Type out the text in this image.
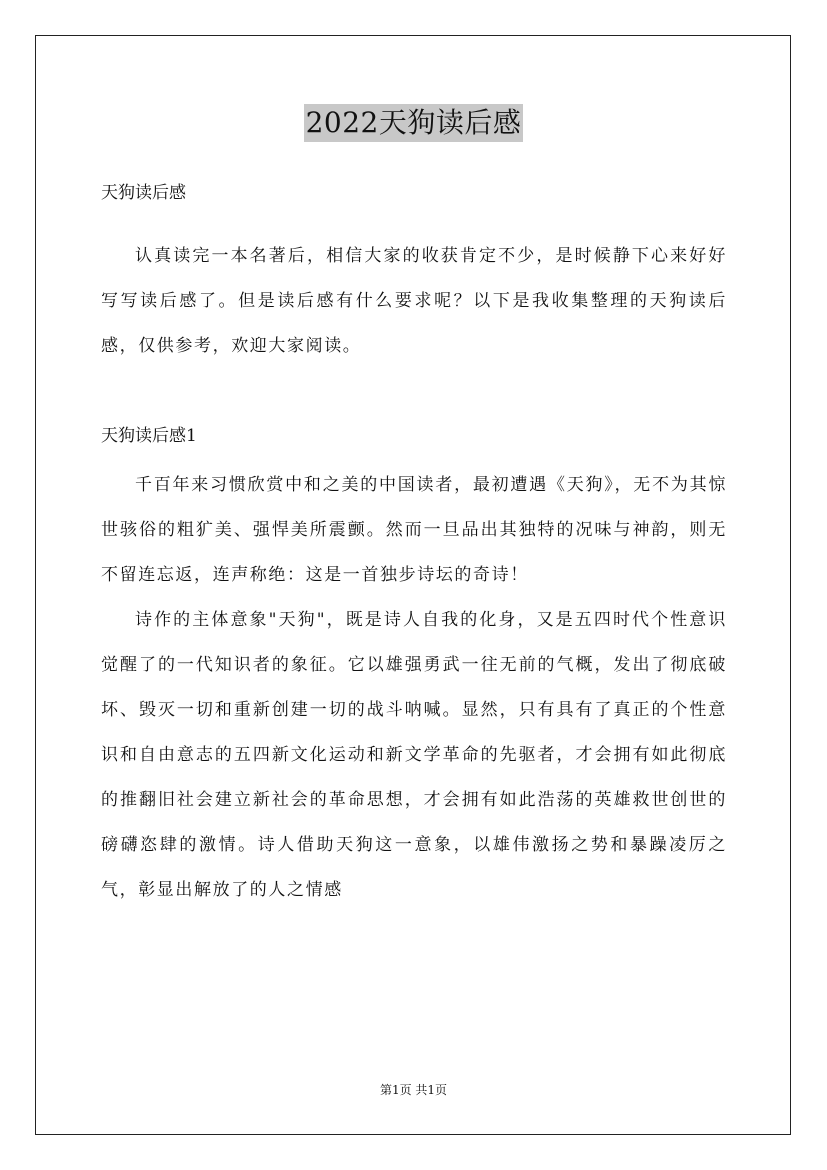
2022天狗读后感

天狗读后感

认真读完一本名著后，相信大家的收获肯定不少，是时候静下心来好好写写读后感了。但是读后感有什么要求呢？以下是我收集整理的天狗读后感，仅供参考，欢迎大家阅读。

天狗读后感1

千百年来习惯欣赏中和之美的中国读者，最初遭遇《天狗》，无不为其惊世骇俗的粗犷美、强悍美所震颤。然而一旦品出其独特的况味与神韵，则无不留连忘返，连声称绝：这是一首独步诗坛的奇诗！

诗作的主体意象"天狗"，既是诗人自我的化身，又是五四时代个性意识觉醒了的一代知识者的象征。它以雄强勇武一往无前的气概，发出了彻底破坏、毁灭一切和重新创建一切的战斗呐喊。显然，只有具有了真正的个性意识和自由意志的五四新文化运动和新文学革命的先驱者，才会拥有如此彻底的推翻旧社会建立新社会的革命思想，才会拥有如此浩荡的英雄救世创世的磅礴恣肆的激情。诗人借助天狗这一意象，以雄伟激扬之势和暴躁凌厉之气，彰显出解放了的人之情感

第1页 共1页
